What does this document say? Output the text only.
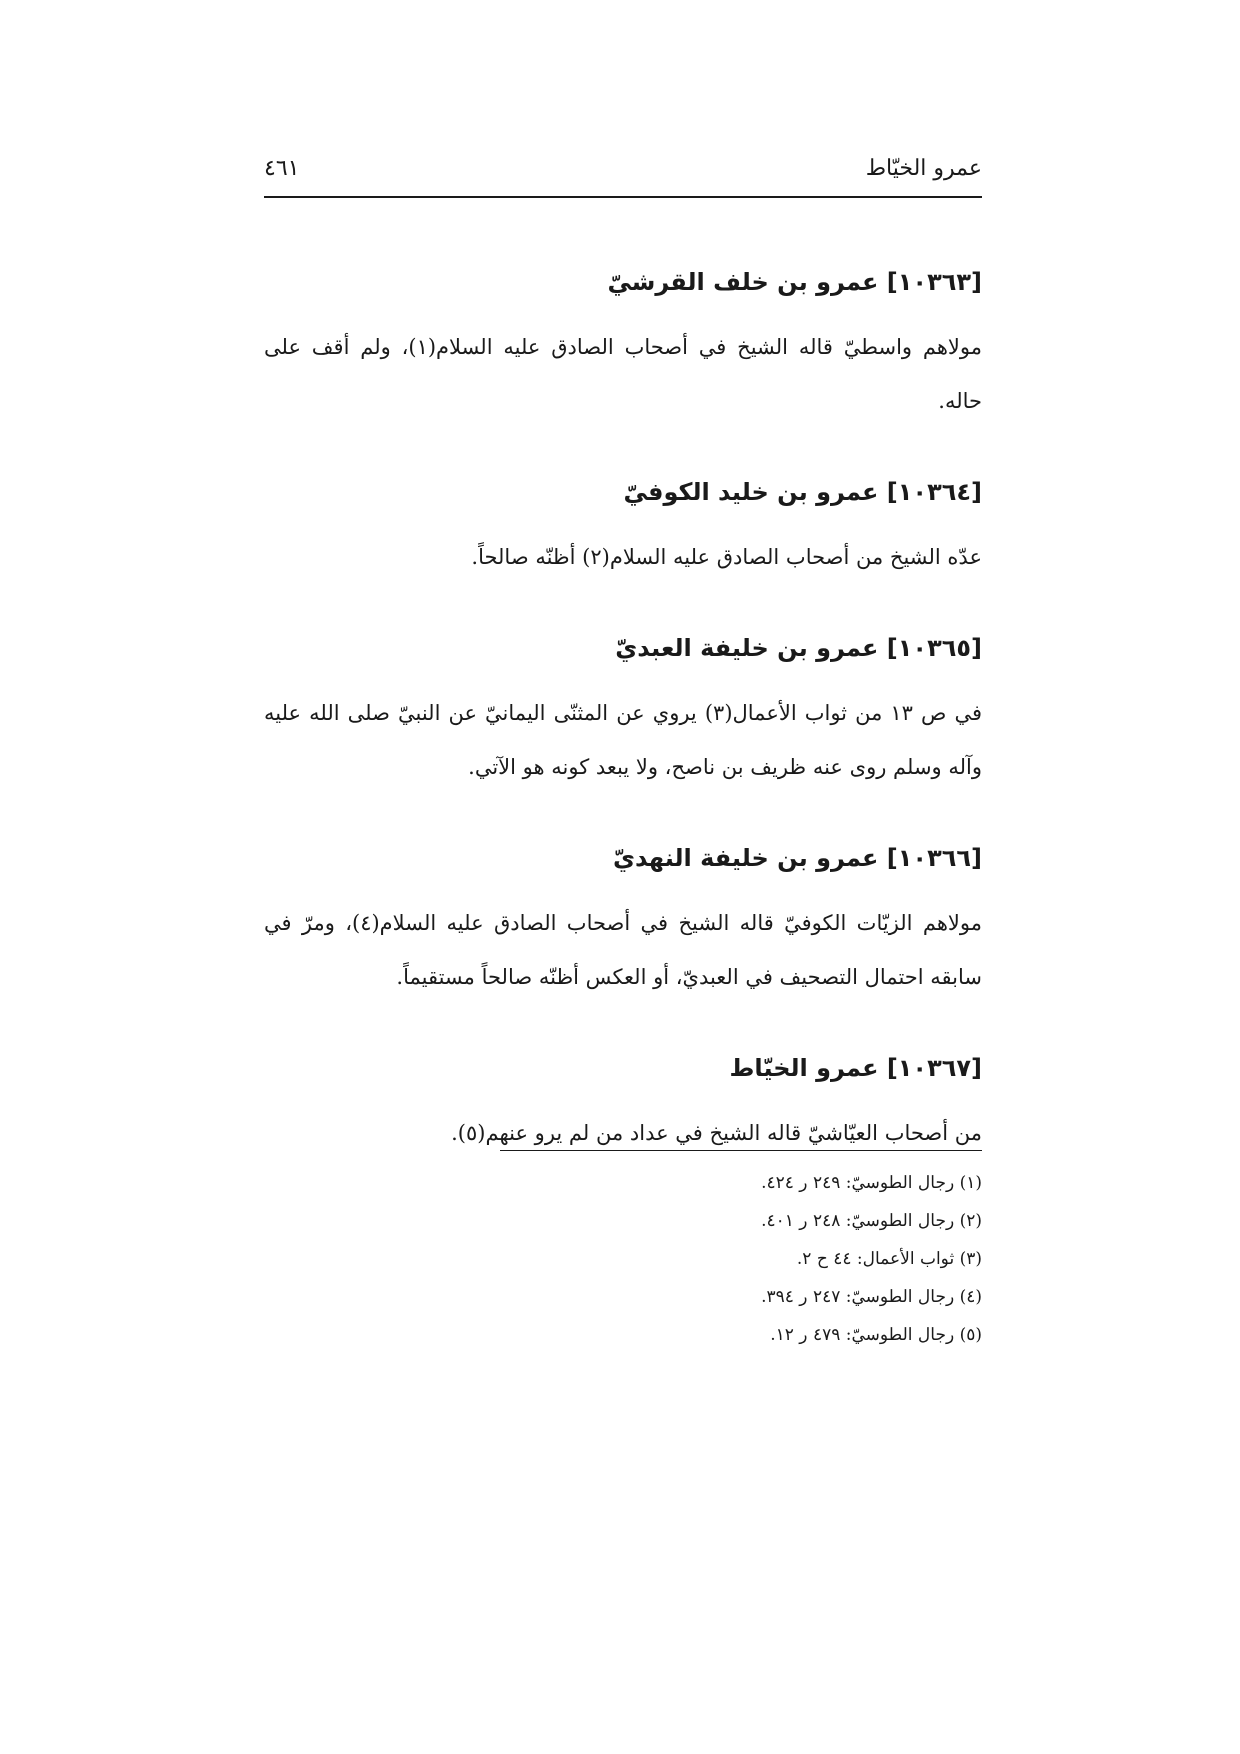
عمرو الخيّاط
٤٦١
[١٠٣٦٣] عمرو بن خلف القرشيّ

مولاهم واسطيّ قاله الشيخ في أصحاب الصادق عليه السلام(١)، ولم أقف على حاله.

[١٠٣٦٤] عمرو بن خليد الكوفيّ

عدّه الشيخ من أصحاب الصادق عليه السلام(٢) أظنّه صالحاً.

[١٠٣٦٥] عمرو بن خليفة العبديّ

في ص ١٣ من ثواب الأعمال(٣) يروي عن المثنّى اليمانيّ عن النبيّ صلى الله عليه وآله وسلم روى عنه ظريف بن ناصح، ولا يبعد كونه هو الآتي.

[١٠٣٦٦] عمرو بن خليفة النهديّ

مولاهم الزيّات الكوفيّ قاله الشيخ في أصحاب الصادق عليه السلام(٤)، ومرّ في سابقه احتمال التصحيف في العبديّ، أو العكس أظنّه صالحاً مستقيماً.

[١٠٣٦٧] عمرو الخيّاط

من أصحاب العيّاشيّ قاله الشيخ في عداد من لم يرو عنهم(٥).

(١) رجال الطوسيّ: ٢٤٩ ر ٤٢٤.
(٢) رجال الطوسيّ: ٢٤٨ ر ٤٠١.
(٣) ثواب الأعمال: ٤٤ ح ٢.
(٤) رجال الطوسيّ: ٢٤٧ ر ٣٩٤.
(٥) رجال الطوسيّ: ٤٧٩ ر ١٢.
